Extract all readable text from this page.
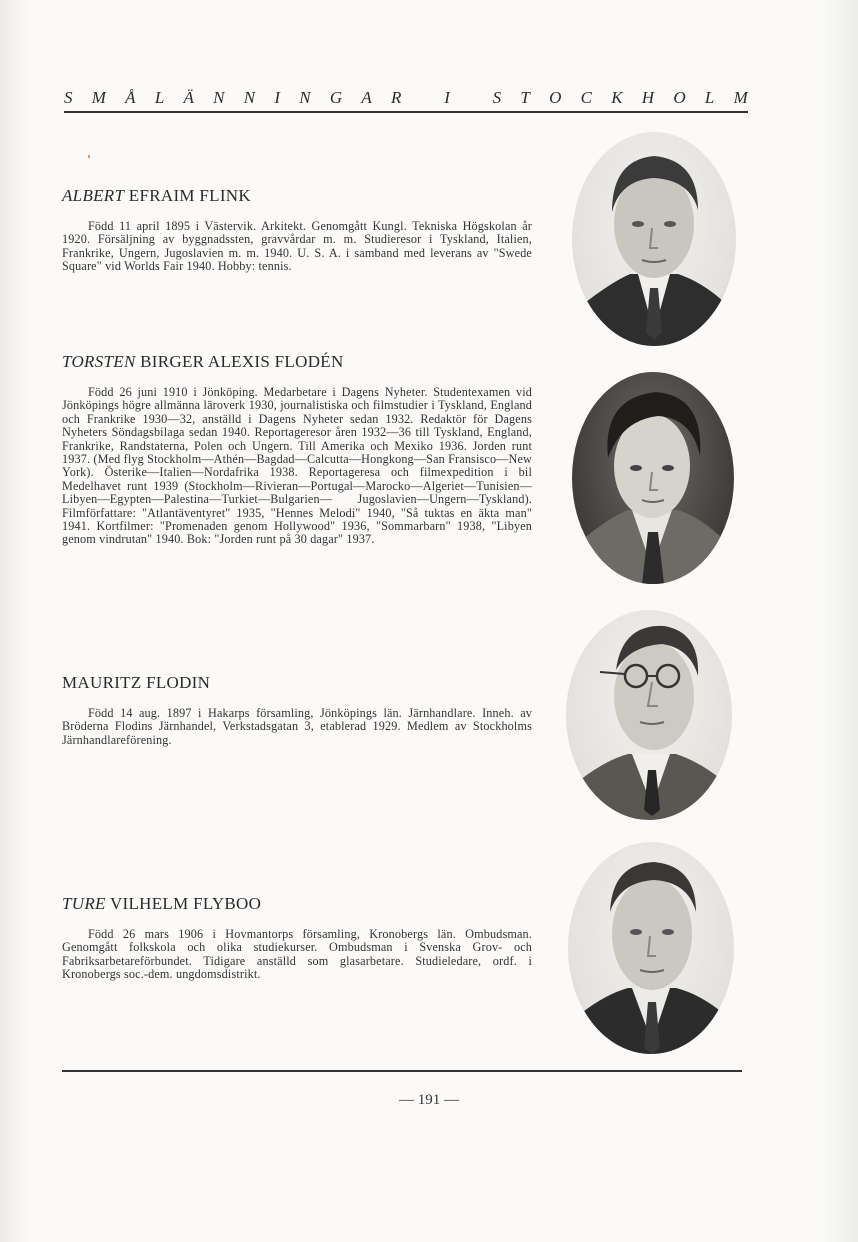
S M Å L Ä N N I N G A R
	I
	S T O C K H O L M
ALBERT EFRAIM FLINK

Född 11 april 1895 i Västervik. Arkitekt. Genomgått Kungl. Tekniska Högskolan år 1920. Försäljning av byggnadssten, gravvårdar m. m. Studieresor i Tyskland, Italien, Frankrike, Ungern, Jugoslavien m. m. 1940. U. S. A. i samband med leverans av "Swede Square" vid Worlds Fair 1940. Hobby: tennis.

TORSTEN BIRGER ALEXIS FLODÉN

Född 26 juni 1910 i Jönköping. Medarbetare i Dagens Nyheter. Studentexamen vid Jönköpings högre allmänna läroverk 1930, journalistiska och filmstudier i Tyskland, England och Frankrike 1930—32, anställd i Dagens Nyheter sedan 1932. Redaktör för Dagens Nyheters Söndagsbilaga sedan 1940. Reportageresor åren 1932—36 till Tyskland, England, Frankrike, Randstaterna, Polen och Ungern. Till Amerika och Mexiko 1936. Jorden runt 1937. (Med flyg Stockholm—Athén—Bagdad—Calcutta—Hongkong—San Fransisco—New York). Österike—Italien—Nordafrika 1938. Reportageresa och filmexpedition i bil Medelhavet runt 1939 (Stockholm—Rivieran—Portugal—Marocko—Algeriet—Tunisien—Libyen—Egypten—Palestina—Turkiet—Bulgarien— Jugoslavien—Ungern—Tyskland). Filmförfattare: "Atlantäventyret" 1935, "Hennes Melodi" 1940, "Så tuktas en äkta man" 1941. Kortfilmer: "Promenaden genom Hollywood" 1936, "Sommarbarn" 1938, "Libyen genom vindrutan" 1940. Bok: "Jorden runt på 30 dagar" 1937.

MAURITZ FLODIN

Född 14 aug. 1897 i Hakarps församling, Jönköpings län. Järnhandlare. Inneh. av Bröderna Flodins Järnhandel, Verkstadsgatan 3, etablerad 1929. Medlem av Stockholms Järnhandlareförening.

TURE VILHELM FLYBOO

Född 26 mars 1906 i Hovmantorps församling, Kronobergs län. Ombudsman. Genomgått folkskola och olika studiekurser. Ombudsman i Svenska Grov- och Fabriksarbetareförbundet. Tidigare anställd som glasarbetare. Studieledare, ordf. i Kronobergs soc.-dem. ungdomsdistrikt.

— 191 —
